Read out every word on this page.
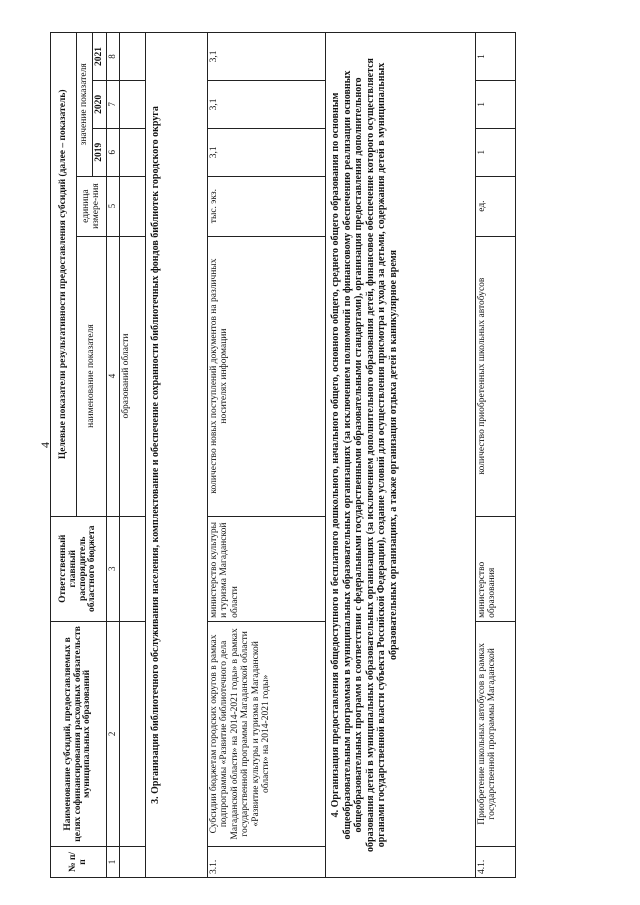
4
№ п/п	Наименование субсидий, предоставляемых в целях софинансирования расходных обязательств муниципальных образований	Ответственный главный распорядитель областного бюджета	Целевые показатели результативности предоставления субсидий (далее – показатель)				
			наименование показателя	единица измере-ния	значение показателя		
					2019	2020	2021
1	2	3	4	5	6	7	8
			образований области				
3. Организация библиотечного обслуживания населения, комплектование и обеспечение сохранности библиотечных фондов библиотек городского округа							
3.1.	Субсидии бюджетам городских округов в рамках подпрограммы «Развитие библиотечного дела Магаданской области» на 2014-2021 годы» в рамках государственной программы Магаданской области «Развитие культуры и туризма в Магаданской области» на 2014-2021 годы»	министерство культуры и туризма Магаданской области	количество новых поступлений документов на различных носителях информации	тыс. экз.	3,1	3,1	3,1
4. Организация предоставления общедоступного и бесплатного дошкольного, начального общего, основного общего, среднего общего образования по основным общеобразовательным программам в муниципальных образовательных организациях (за исключением полномочий по финансовому обеспечению реализации основных общеобразовательных программ в соответствии с федеральными государственными образовательными стандартами), организация предоставления дополнительного образования детей в муниципальных образовательных организациях (за исключением дополнительного образования детей, финансовое обеспечение которого осуществляется органами государственной власти субъекта Российской Федерации), создание условий для осуществления присмотра и ухода за детьми, содержания детей в муниципальных образовательных организациях, а также организация отдыха детей в каникулярное время							
4.1.	Приобретение школьных автобусов в рамках государственной программы Магаданской	министерство образования	количество приобретенных школьных автобусов	ед.	1	1	1
